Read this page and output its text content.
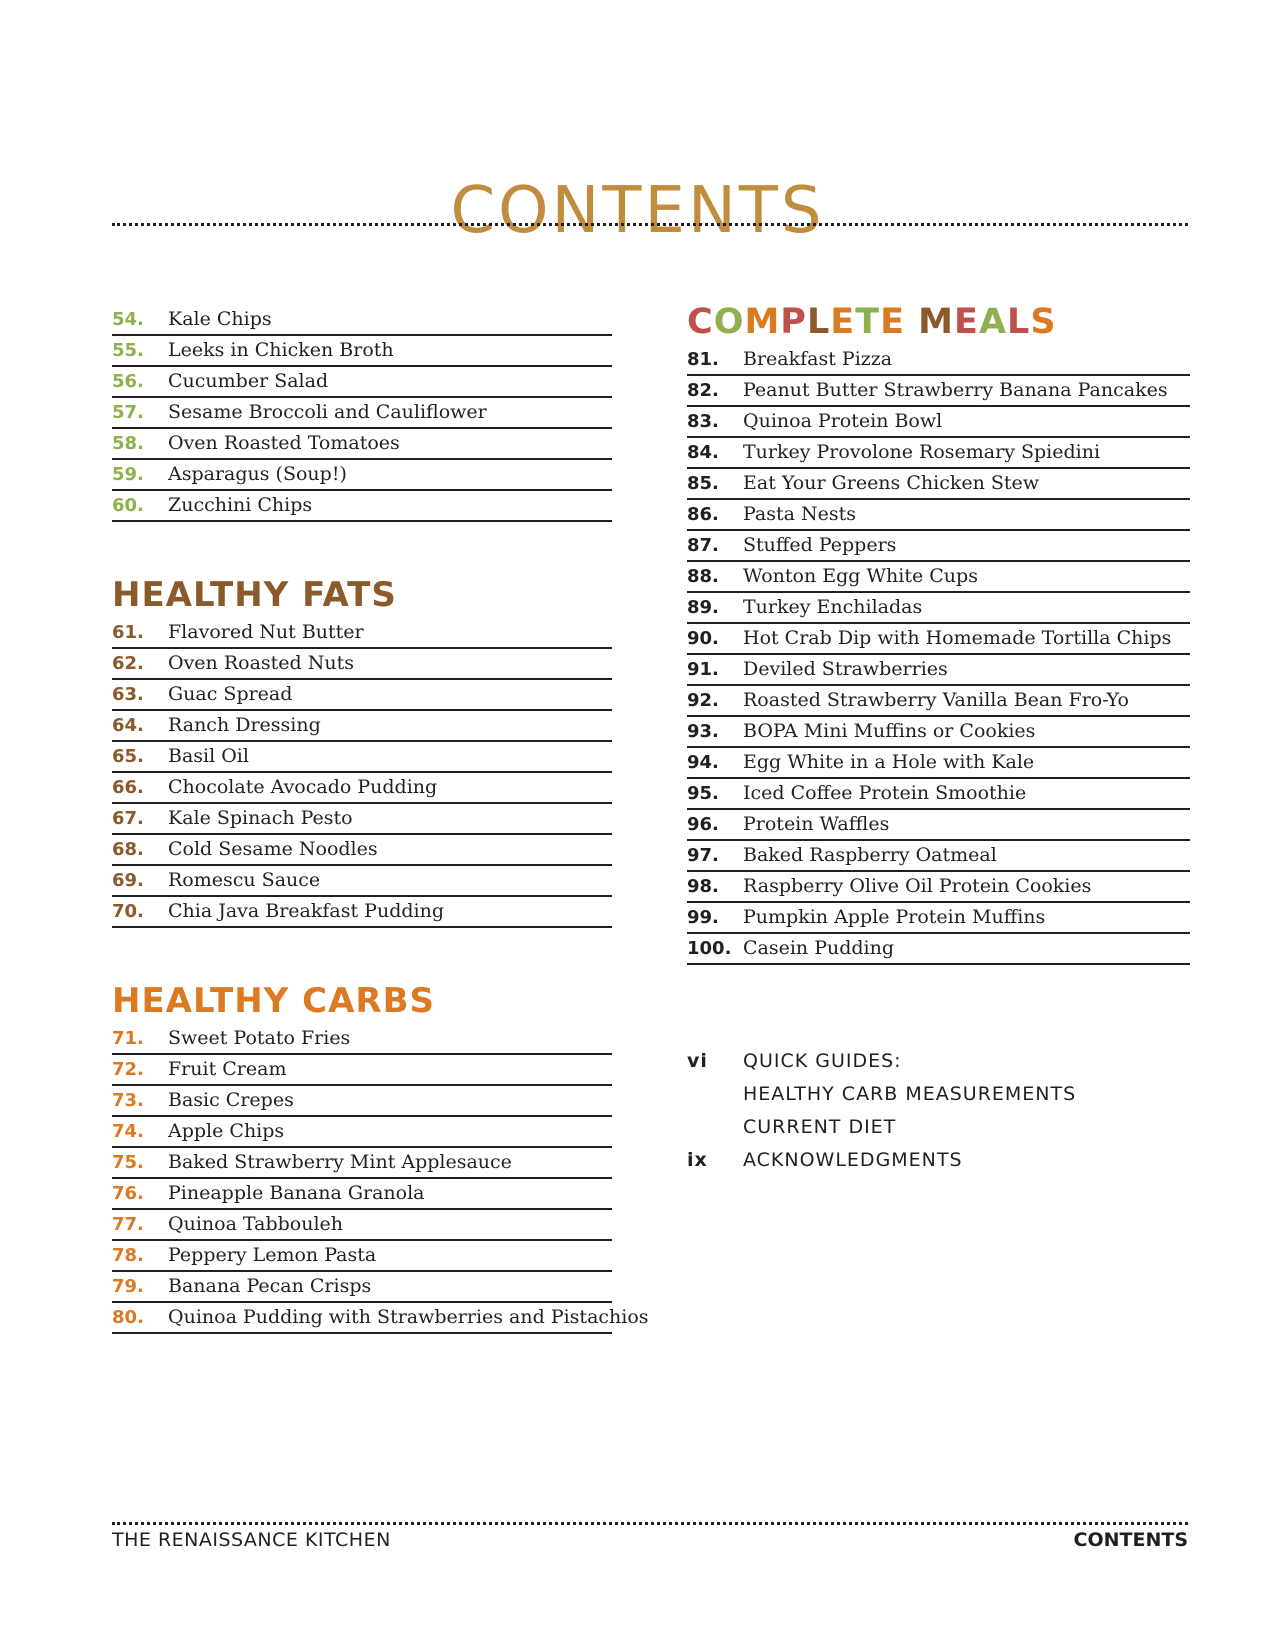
CONTENTS
54.	Kale Chips
55.	Leeks in Chicken Broth
56.	Cucumber Salad
57.	Sesame Broccoli and Cauliflower
58.	Oven Roasted Tomatoes
59.	Asparagus (Soup!)
60.	Zucchini Chips
HEALTHY FATS
61.	Flavored Nut Butter
62.	Oven Roasted Nuts
63.	Guac Spread
64.	Ranch Dressing
65.	Basil Oil
66.	Chocolate Avocado Pudding
67.	Kale Spinach Pesto
68.	Cold Sesame Noodles
69.	Romescu Sauce
70.	Chia Java Breakfast Pudding
HEALTHY CARBS
71.	Sweet Potato Fries
72.	Fruit Cream
73.	Basic Crepes
74.	Apple Chips
75.	Baked Strawberry Mint Applesauce
76.	Pineapple Banana Granola
77.	Quinoa Tabbouleh
78.	Peppery Lemon Pasta
79.	Banana Pecan Crisps
80.	Quinoa Pudding with Strawberries and Pistachios
COMPLETE MEALS
81.	Breakfast Pizza
82.	Peanut Butter Strawberry Banana Pancakes
83.	Quinoa Protein Bowl
84.	Turkey Provolone Rosemary Spiedini
85.	Eat Your Greens Chicken Stew
86.	Pasta Nests
87.	Stuffed Peppers
88.	Wonton Egg White Cups
89.	Turkey Enchiladas
90.	Hot Crab Dip with Homemade Tortilla Chips
91.	Deviled Strawberries
92.	Roasted Strawberry Vanilla Bean Fro-Yo
93.	BOPA Mini Muffins or Cookies
94.	Egg White in a Hole with Kale
95.	Iced Coffee Protein Smoothie
96.	Protein Waffles
97.	Baked Raspberry Oatmeal
98.	Raspberry Olive Oil Protein Cookies
99.	Pumpkin Apple Protein Muffins
100. Casein Pudding
vi	QUICK GUIDES:
HEALTHY CARB MEASUREMENTS
CURRENT DIET
ix	ACKNOWLEDGMENTS
THE RENAISSANCE KITCHEN	CONTENTS
